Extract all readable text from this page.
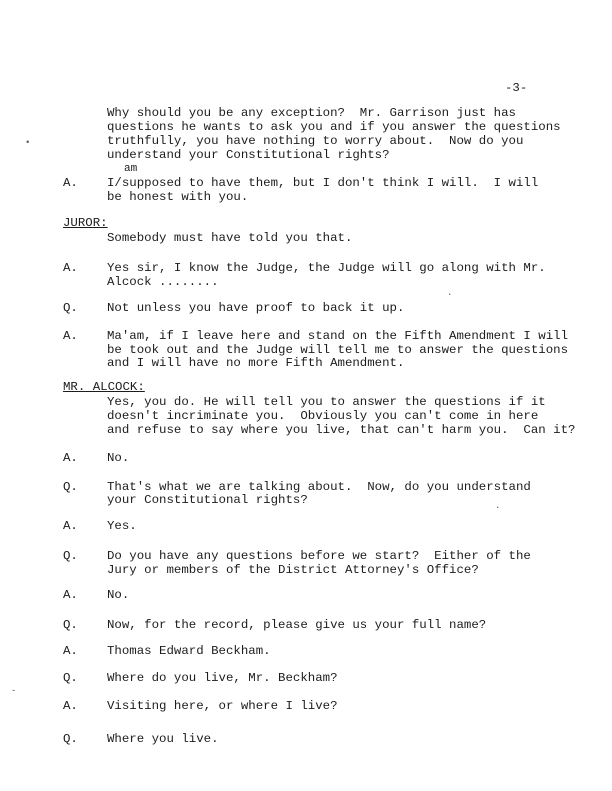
-3-
Why should you be any exception?  Mr. Garrison just has
questions he wants to ask you and if you answer the questions
truthfully, you have nothing to worry about.  Now do you
understand your Constitutional rights?
am
A. I/supposed to have them, but I don't think I will.  I will
be honest with you.
JUROR:
Somebody must have told you that.
A. Yes sir, I know the Judge, the Judge will go along with Mr.
Alcock ........
Q. Not unless you have proof to back it up.
A. Ma'am, if I leave here and stand on the Fifth Amendment I will
be took out and the Judge will tell me to answer the questions
and I will have no more Fifth Amendment.
MR. ALCOCK:
Yes, you do. He will tell you to answer the questions if it
doesn't incriminate you.  Obviously you can't come in here
and refuse to say where you live, that can't harm you.  Can it?
A. No.
Q. That's what we are talking about.  Now, do you understand
your Constitutional rights?
A. Yes.
Q. Do you have any questions before we start?  Either of the
Jury or members of the District Attorney's Office?
A. No.
Q. Now, for the record, please give us your full name?
A. Thomas Edward Beckham.
Q. Where do you live, Mr. Beckham?
A. Visiting here, or where I live?
Q. Where you live.
•
-
·
·
